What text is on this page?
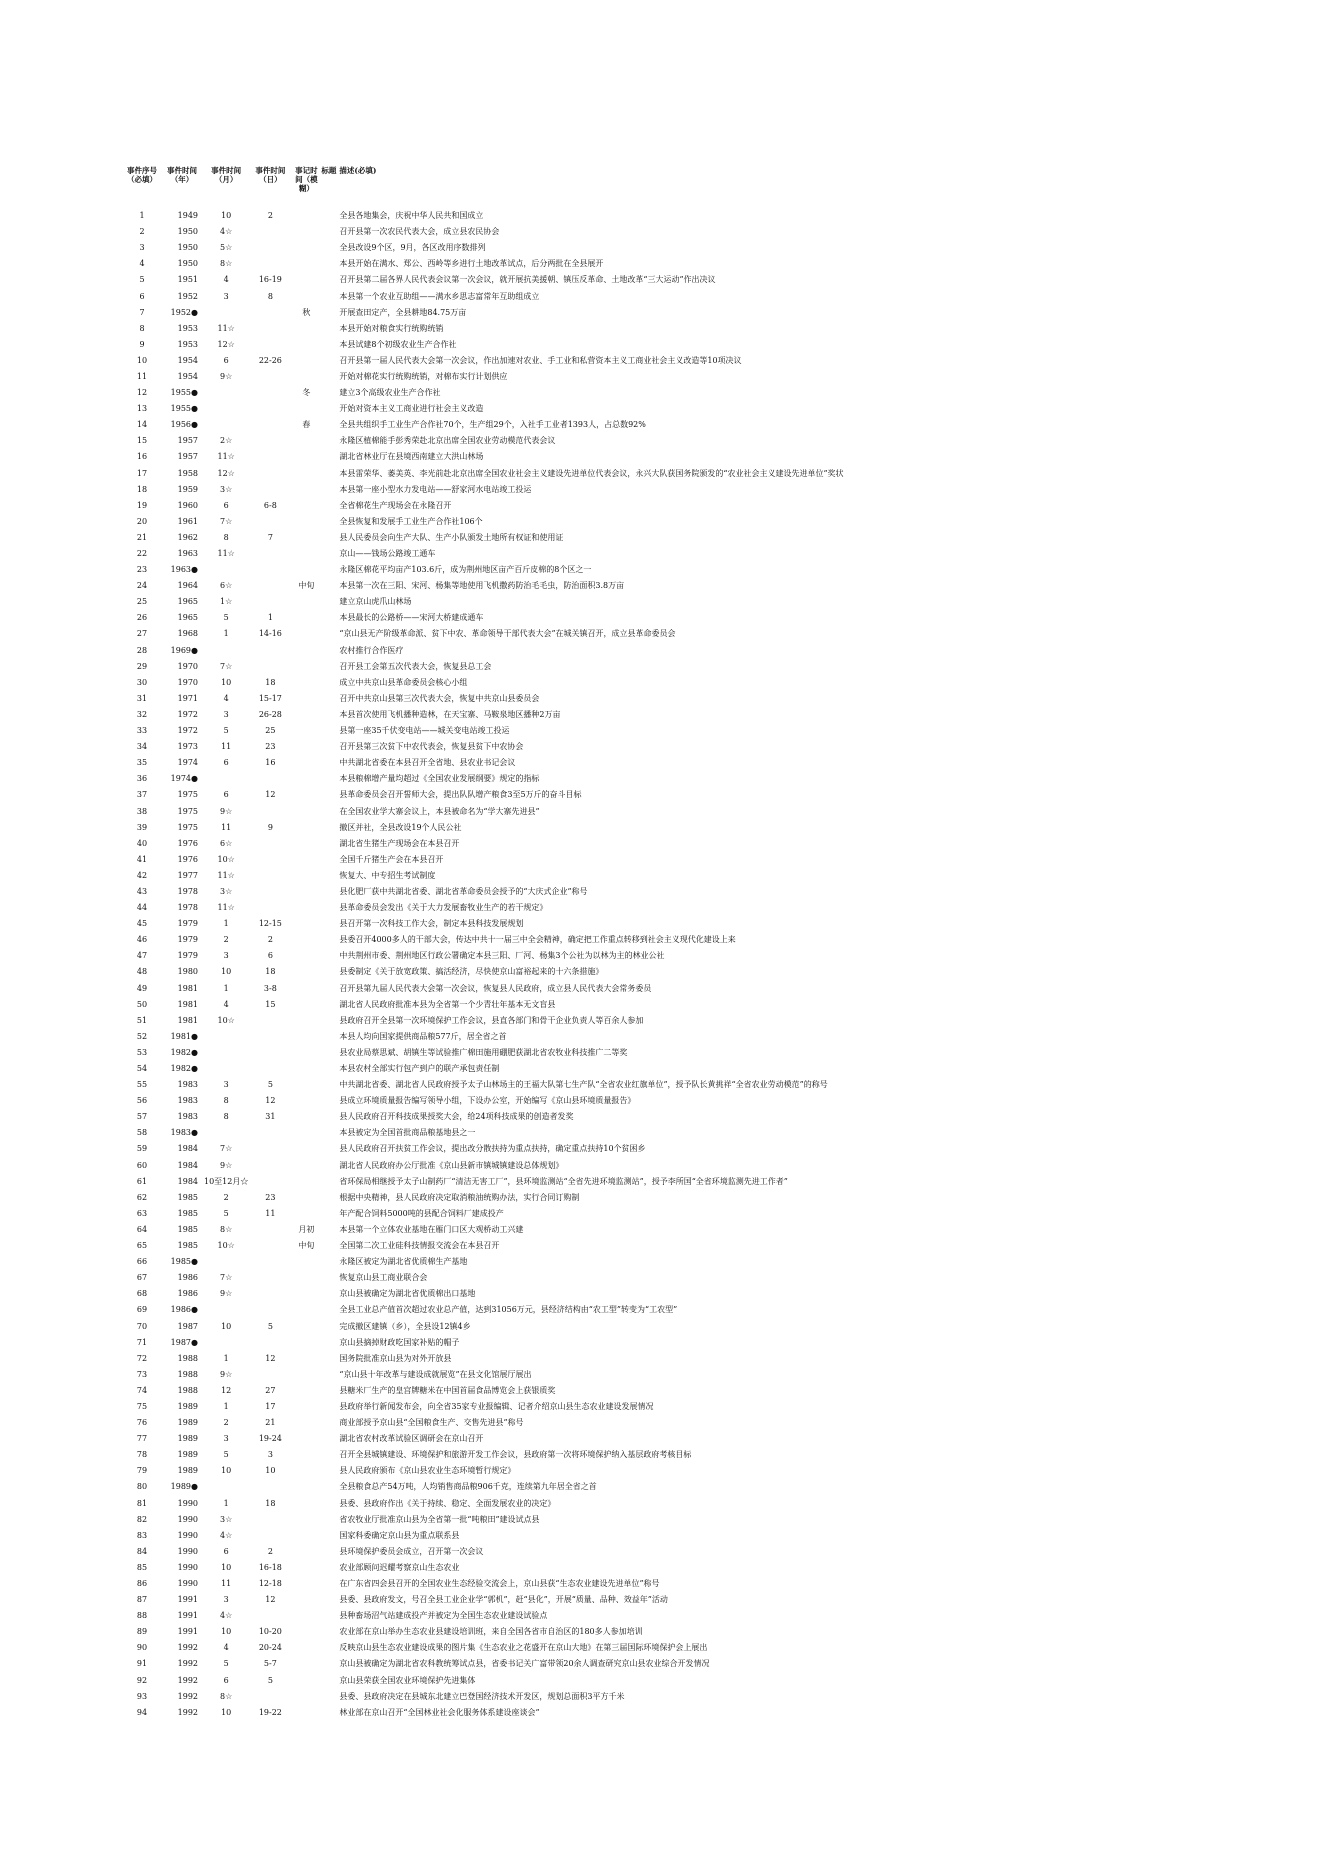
事件序号（必填）	事件时间（年）	事件时间（月）	事件时间（日）	事记时间（模糊）	标题	描述(必填)

1	1949	10	2			全县各地集会，庆祝中华人民共和国成立
2	1950	4☆				召开县第一次农民代表大会，成立县农民协会
3	1950	5☆				全县改设9个区，9月，各区改用序数排列
4	1950	8☆				本县开始在满水、郑公、西岭等乡进行土地改革试点，后分两批在全县展开
5	1951	4	16-19			召开县第二届各界人民代表会议第一次会议，就开展抗美援朝、镇压反革命、土地改革“三大运动”作出决议
6	1952	3	8			本县第一个农业互助组——满水乡思志富常年互助组成立
7	1952●			秋		开展查田定产，全县耕地84.75万亩
8	1953	11☆				本县开始对粮食实行统购统销
9	1953	12☆				本县试建8个初级农业生产合作社
10	1954	6	22-26			召开县第一届人民代表大会第一次会议，作出加速对农业、手工业和私营资本主义工商业社会主义改造等10项决议
11	1954	9☆				开始对棉花实行统购统销，对棉布实行计划供应
12	1955●			冬		建立3个高级农业生产合作社
13	1955●					开始对资本主义工商业进行社会主义改造
14	1956●			春		全县共组织手工业生产合作社70个，生产组29个，入社手工业者1393人，占总数92%
15	1957	2☆				永隆区植棉能手彭秀荣赴北京出席全国农业劳动模范代表会议
16	1957	11☆				湖北省林业厅在县境西南建立大洪山林场
17	1958	12☆				本县雷荣华、萎美英、李光前赴北京出席全国农业社会主义建设先进单位代表会议，永兴大队获国务院颁发的“农业社会主义建设先进单位”奖状
18	1959	3☆				本县第一座小型水力发电站——舒家河水电站竣工投运
19	1960	6	6-8			全省棉花生产现场会在永隆召开
20	1961	7☆				全县恢复和发展手工业生产合作社106个
21	1962	8	7			县人民委员会向生产大队、生产小队颁发土地所有权证和使用证
22	1963	11☆				京山——钱场公路竣工通车
23	1963●					永隆区棉花平均亩产103.6斤，成为荆州地区亩产百斤皮棉的8个区之一
24	1964	6☆		中旬		本县第一次在三阳、宋河、杨集等地使用飞机撒药防治毛毛虫，防治面积3.8万亩
25	1965	1☆				建立京山虎爪山林场
26	1965	5	1			本县最长的公路桥——宋河大桥建成通车
27	1968	1	14-16			“京山县无产阶级革命派、贫下中农、革命领导干部代表大会”在城关镇召开，成立县革命委员会
28	1969●					农村推行合作医疗
29	1970	7☆				召开县工会第五次代表大会，恢复县总工会
30	1970	10	18			成立中共京山县革命委员会核心小组
31	1971	4	15-17			召开中共京山县第三次代表大会，恢复中共京山县委员会
32	1972	3	26-28			本县首次使用飞机播种造林，在天宝寨、马鞍泉地区播种2万亩
33	1972	5	25			县第一座35千伏变电站——城关变电站竣工投运
34	1973	11	23			召开县第三次贫下中农代表会，恢复县贫下中农协会
35	1974	6	16			中共湖北省委在本县召开全省地、县农业书记会议
36	1974●					本县粮棉增产量均超过《全国农业发展纲要》规定的指标
37	1975	6	12			县革命委员会召开誓师大会，提出队队增产粮食3至5万斤的奋斗目标
38	1975	9☆				在全国农业学大寨会议上，本县被命名为“学大寨先进县”
39	1975	11	9			撤区并社，全县改设19个人民公社
40	1976	6☆				湖北省生猪生产现场会在本县召开
41	1976	10☆				全国千斤猪生产会在本县召开
42	1977	11☆				恢复大、中专招生考试制度
43	1978	3☆				县化肥厂获中共湖北省委、湖北省革命委员会授予的“大庆式企业”称号
44	1978	11☆				县革命委员会发出《关于大力发展畜牧业生产的若干规定》
45	1979	1	12-15			县召开第一次科技工作大会，制定本县科技发展规划
46	1979	2	2			县委召开4000多人的干部大会，传达中共十一届三中全会精神，确定把工作重点转移到社会主义现代化建设上来
47	1979	3	6			中共荆州市委、荆州地区行政公署确定本县三阳、厂河、杨集3个公社为以林为主的林业公社
48	1980	10	18			县委制定《关于放宽政策、搞活经济，尽快使京山富裕起来的十六条措施》
49	1981	1	3-8			召开县第九届人民代表大会第一次会议，恢复县人民政府，成立县人民代表大会常务委员
50	1981	4	15			湖北省人民政府批准本县为全省第一个少青壮年基本无文盲县
51	1981	10☆				县政府召开全县第一次环境保护工作会议，县直各部门和骨干企业负责人等百余人参加
52	1981●					本县人均向国家提供商品粮577斤，居全省之首
53	1982●					县农业局蔡思斌、胡镇生等试验推广棉田施用硼肥获湖北省农牧业科技推广二等奖
54	1982●					本县农村全部实行包产到户的联产承包责任制
55	1983	3	5			中共湖北省委、湖北省人民政府授予太子山林场主的王福大队第七生产队“全省农业红旗单位”，授予队长黄挑祥“全省农业劳动模范”的称号
56	1983	8	12			县成立环境质量报告编写领导小组，下设办公室，开始编写《京山县环境质量报告》
57	1983	8	31			县人民政府召开科技成果授奖大会，给24项科技成果的创造者发奖
58	1983●					本县被定为全国首批商品粮基地县之一
59	1984	7☆				县人民政府召开扶贫工作会议，提出改分散扶持为重点扶持，确定重点扶持10个贫困乡
60	1984	9☆				湖北省人民政府办公厅批准《京山县新市镇城镇建设总体规划》
61	1984	10至12月☆				省环保局相继授予太子山制药厂“清洁无害工厂”，县环境监测站“全省先进环境监测站”，授予李所国“全省环境监测先进工作者”
62	1985	2	23			根据中央精神，县人民政府决定取消粮油统购办法，实行合同订购制
63	1985	5	11			年产配合饲料5000吨的县配合饲料厂建成投产
64	1985	8☆		月初		本县第一个立体农业基地在雁门口区大观桥动工兴建
65	1985	10☆		中旬		全国第二次工业硅科技情报交流会在本县召开
66	1985●					永隆区被定为湖北省优质棉生产基地
67	1986	7☆				恢复京山县工商业联合会
68	1986	9☆				京山县被确定为湖北省优质棉出口基地
69	1986●					全县工业总产值首次超过农业总产值，达到31056万元，县经济结构由“农工型”转变为“工农型”
70	1987	10	5			完成撤区建镇（乡），全县设12镇4乡
71	1987●					京山县摘掉财政吃国家补贴的帽子
72	1988	1	12			国务院批准京山县为对外开放县
73	1988	9☆				“京山县十年改革与建设成就展览”在县文化馆展厅展出
74	1988	12	27			县糖米厂生产的皇宫牌糖米在中国首届食品博览会上获银质奖
75	1989	1	17			县政府举行新闻发布会，向全省35家专业报编辑、记者介绍京山县生态农业建设发展情况
76	1989	2	21			商业部授予京山县“全国粮食生产、交售先进县”称号
77	1989	3	19-24			湖北省农村改革试验区调研会在京山召开
78	1989	5	3			召开全县城镇建设、环境保护和旅游开发工作会议，县政府第一次将环境保护纳入基层政府考核目标
79	1989	10	10			县人民政府颁布《京山县农业生态环境暂行规定》
80	1989●					全县粮食总产54万吨，人均销售商品粮906千克，连续第九年居全省之首
81	1990	1	18			县委、县政府作出《关于持续、稳定、全面发展农业的决定》
82	1990	3☆				省农牧业厅批准京山县为全省第一批“吨粮田”建设试点县
83	1990	4☆				国家科委确定京山县为重点联系县
84	1990	6	2			县环境保护委员会成立，召开第一次会议
85	1990	10	16-18			农业部顾问迟耀考察京山生态农业
86	1990	11	12-18			在广东省四会县召开的全国农业生态经验交流会上，京山县获“生态农业建设先进单位”称号
87	1991	3	12			县委、县政府发文，号召全县工业企业学“郭机”，赶“县化”，开展“质量、品种、效益年”活动
88	1991	4☆				县种畜场沼气站建成投产并被定为全国生态农业建设试验点
89	1991	10	10-20			农业部在京山举办生态农业县建设培训班，来自全国各省市自治区的180多人参加培训
90	1992	4	20-24			反映京山县生态农业建设成果的图片集《生态农业之花盛开在京山大地》在第三届国际环境保护会上展出
91	1992	5	5-7			京山县被确定为湖北省农科教统筹试点县，省委书记关广富带领20余人调查研究京山县农业综合开发情况
92	1992	6	5			京山县荣获全国农业环境保护先进集体
93	1992	8☆				县委、县政府决定在县城东北建立巴登国经济技术开发区，规划总面积3平方千米
94	1992	10	19-22			林业部在京山召开“全国林业社会化服务体系建设座谈会”
